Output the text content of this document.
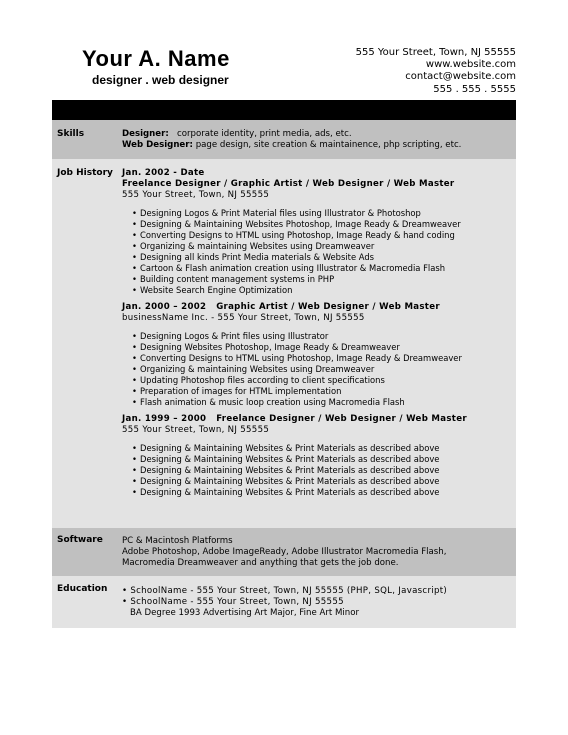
Your A. Name
designer . web designer
555 Your Street, Town, NJ 55555
www.website.com
contact@website.com
555 . 555 . 5555
Skills	Designer: corporate identity, print media, ads, etc.
Web Designer: page design, site creation & maintainence, php scripting, etc.
Job History Jan. 2002 - Date
Freelance Designer / Graphic Artist / Web Designer / Web Master
555 Your Street, Town, NJ 55555
• Designing Logos & Print Material files using Illustrator & Photoshop
• Designing & Maintaining Websites Photoshop, Image Ready & Dreamweaver
• Converting Designs to HTML using Photoshop, Image Ready & hand coding
• Organizing & maintaining Websites using Dreamweaver
• Designing all kinds Print Media materials & Website Ads
• Cartoon & Flash animation creation using Illustrator & Macromedia Flash
• Building content management systems in PHP
• Website Search Engine Optimization
Jan. 2000 – 2002 Graphic Artist / Web Designer / Web Master
businessName Inc. - 555 Your Street, Town, NJ 55555
• Designing Logos & Print files using Illustrator
• Designing Websites Photoshop, Image Ready & Dreamweaver
• Converting Designs to HTML using Photoshop, Image Ready & Dreamweaver
• Organizing & maintaining Websites using Dreamweaver
• Updating Photoshop files according to client specifications
• Preparation of images for HTML implementation
• Flash animation & music loop creation using Macromedia Flash
Jan. 1999 – 2000 Freelance Designer / Web Designer / Web Master
555 Your Street, Town, NJ 55555
• Designing & Maintaining Websites & Print Materials as described above
• Designing & Maintaining Websites & Print Materials as described above
• Designing & Maintaining Websites & Print Materials as described above
• Designing & Maintaining Websites & Print Materials as described above
• Designing & Maintaining Websites & Print Materials as described above
Software PC & Macintosh Platforms
Adobe Photoshop, Adobe ImageReady, Adobe Illustrator Macromedia Flash,
Macromedia Dreamweaver and anything that gets the job done.
Education • SchoolName - 555 Your Street, Town, NJ 55555 (PHP, SQL, Javascript)
• SchoolName - 555 Your Street, Town, NJ 55555
BA Degree 1993 Advertising Art Major, Fine Art Minor
